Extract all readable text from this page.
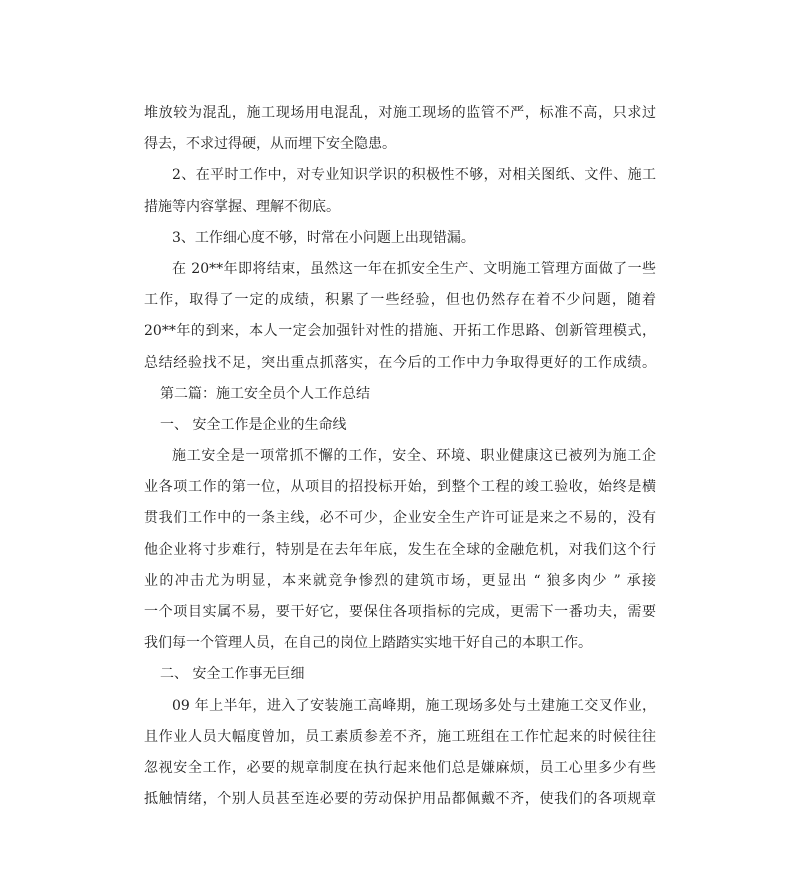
堆放较为混乱，施工现场用电混乱，对施工现场的监管不严，标准不高，只求过
得去，不求过得硬，从而埋下安全隐患。
2、在平时工作中，对专业知识学识的积极性不够，对相关图纸、文件、施工
措施等内容掌握、理解不彻底。
3、工作细心度不够，时常在小问题上出现错漏。
在 20**年即将结束，虽然这一年在抓安全生产、文明施工管理方面做了一些
工作，取得了一定的成绩，积累了一些经验，但也仍然存在着不少问题，随着
20**年的到来，本人一定会加强针对性的措施、开拓工作思路、创新管理模式，
总结经验找不足，突出重点抓落实，在今后的工作中力争取得更好的工作成绩。
第二篇：施工安全员个人工作总结
一、 安全工作是企业的生命线
施工安全是一项常抓不懈的工作，安全、环境、职业健康这已被列为施工企
业各项工作的第一位，从项目的招投标开始，到整个工程的竣工验收，始终是横
贯我们工作中的一条主线，必不可少，企业安全生产许可证是来之不易的，没有
他企业将寸步难行，特别是在去年年底，发生在全球的金融危机，对我们这个行
业的冲击尤为明显，本来就竞争惨烈的建筑市场，更显出 “ 狼多肉少 ” 承接
一个项目实属不易，要干好它，要保住各项指标的完成，更需下一番功夫，需要
我们每一个管理人员，在自己的岗位上踏踏实实地干好自己的本职工作。
二、 安全工作事无巨细
09 年上半年，进入了安装施工高峰期，施工现场多处与土建施工交叉作业，
且作业人员大幅度曾加，员工素质参差不齐，施工班组在工作忙起来的时候往往
忽视安全工作，必要的规章制度在执行起来他们总是嫌麻烦，员工心里多少有些
抵触情绪，个别人员甚至连必要的劳动保护用品都佩戴不齐，使我们的各项规章
